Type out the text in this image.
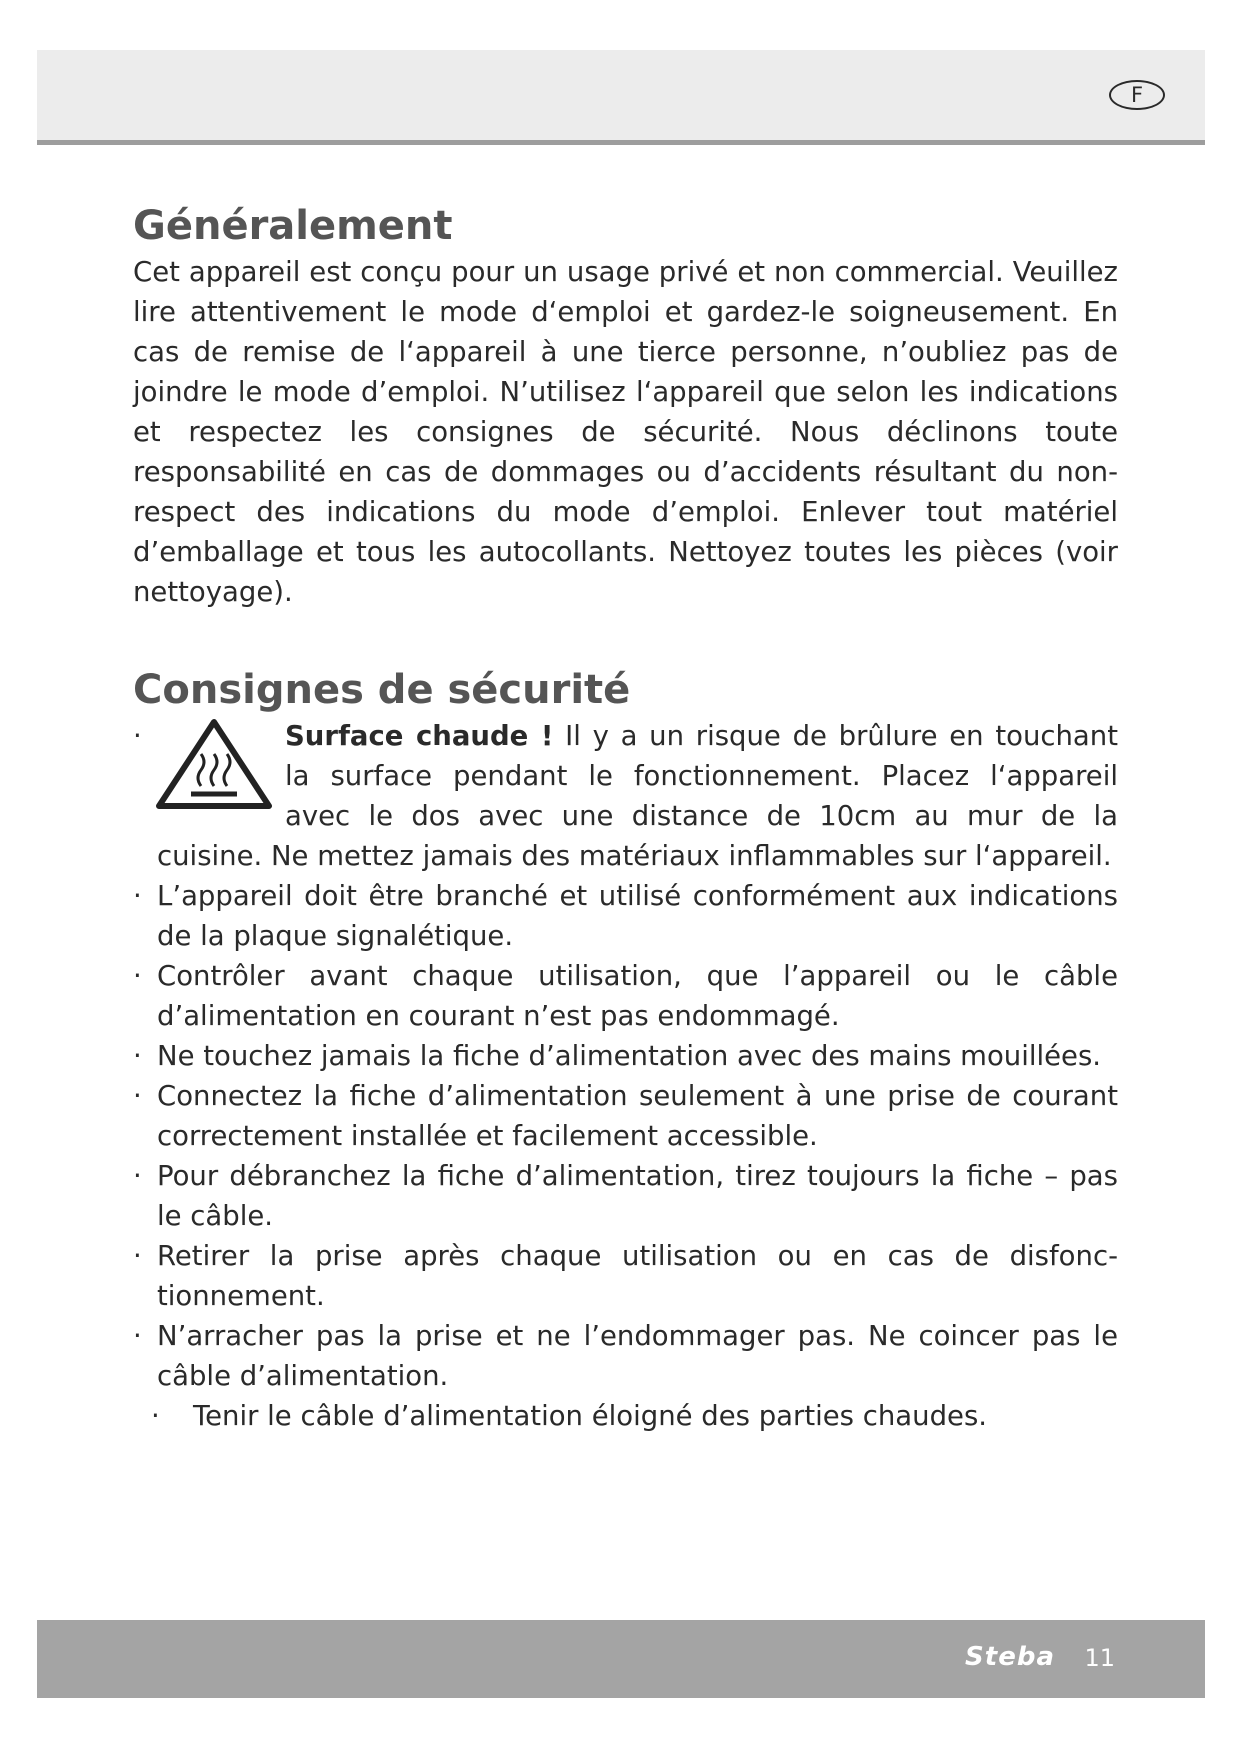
F
Généralement

Cet appareil est conçu pour un usage privé et non commercial. Veuillez lire attentivement le mode d‘emploi et gardez-le soigneusement. En cas de remise de l‘appareil à une tierce personne, n’oubliez pas de joindre le mode d’emploi. N’utilisez l‘appareil que selon les indications et respectez les consignes de sécurité. Nous déclinons toute responsabilité en cas de dommages ou d’accidents résultant du non-respect des indications du mode d’emploi. Enlever tout matériel d’emballage et tous les autocollants. Nettoyez toutes les pièces (voir nettoyage).

Consignes de sécurité
·	Surface chaude ! Il y a un risque de brûlure en touchant la surface pendant le fonctionnement. Placez l‘appareil avec le dos avec une distance de 10cm au mur de la cuisine. Ne mettez jamais des matériaux inflammables sur l‘appareil.
· L’appareil doit être branché et utilisé conformément aux indications de la plaque signalétique.
· Contrôler avant chaque utilisation, que l’appareil ou le câble d’alimentation en courant n’est pas endommagé.
· Ne touchez jamais la fiche d’alimentation avec des mains mouillées.
· Connectez la fiche d’alimentation seulement à une prise de courant correctement installée et facilement accessible.
· Pour débranchez la fiche d’alimentation, tirez toujours la fiche – pas le câble.
· Retirer la prise après chaque utilisation ou en cas de disfonctionnement.
· N’arracher pas la prise et ne l’endommager pas. Ne coincer pas le câble d’alimentation.
· Tenir le câble d’alimentation éloigné des parties chaudes.
Steba 11
